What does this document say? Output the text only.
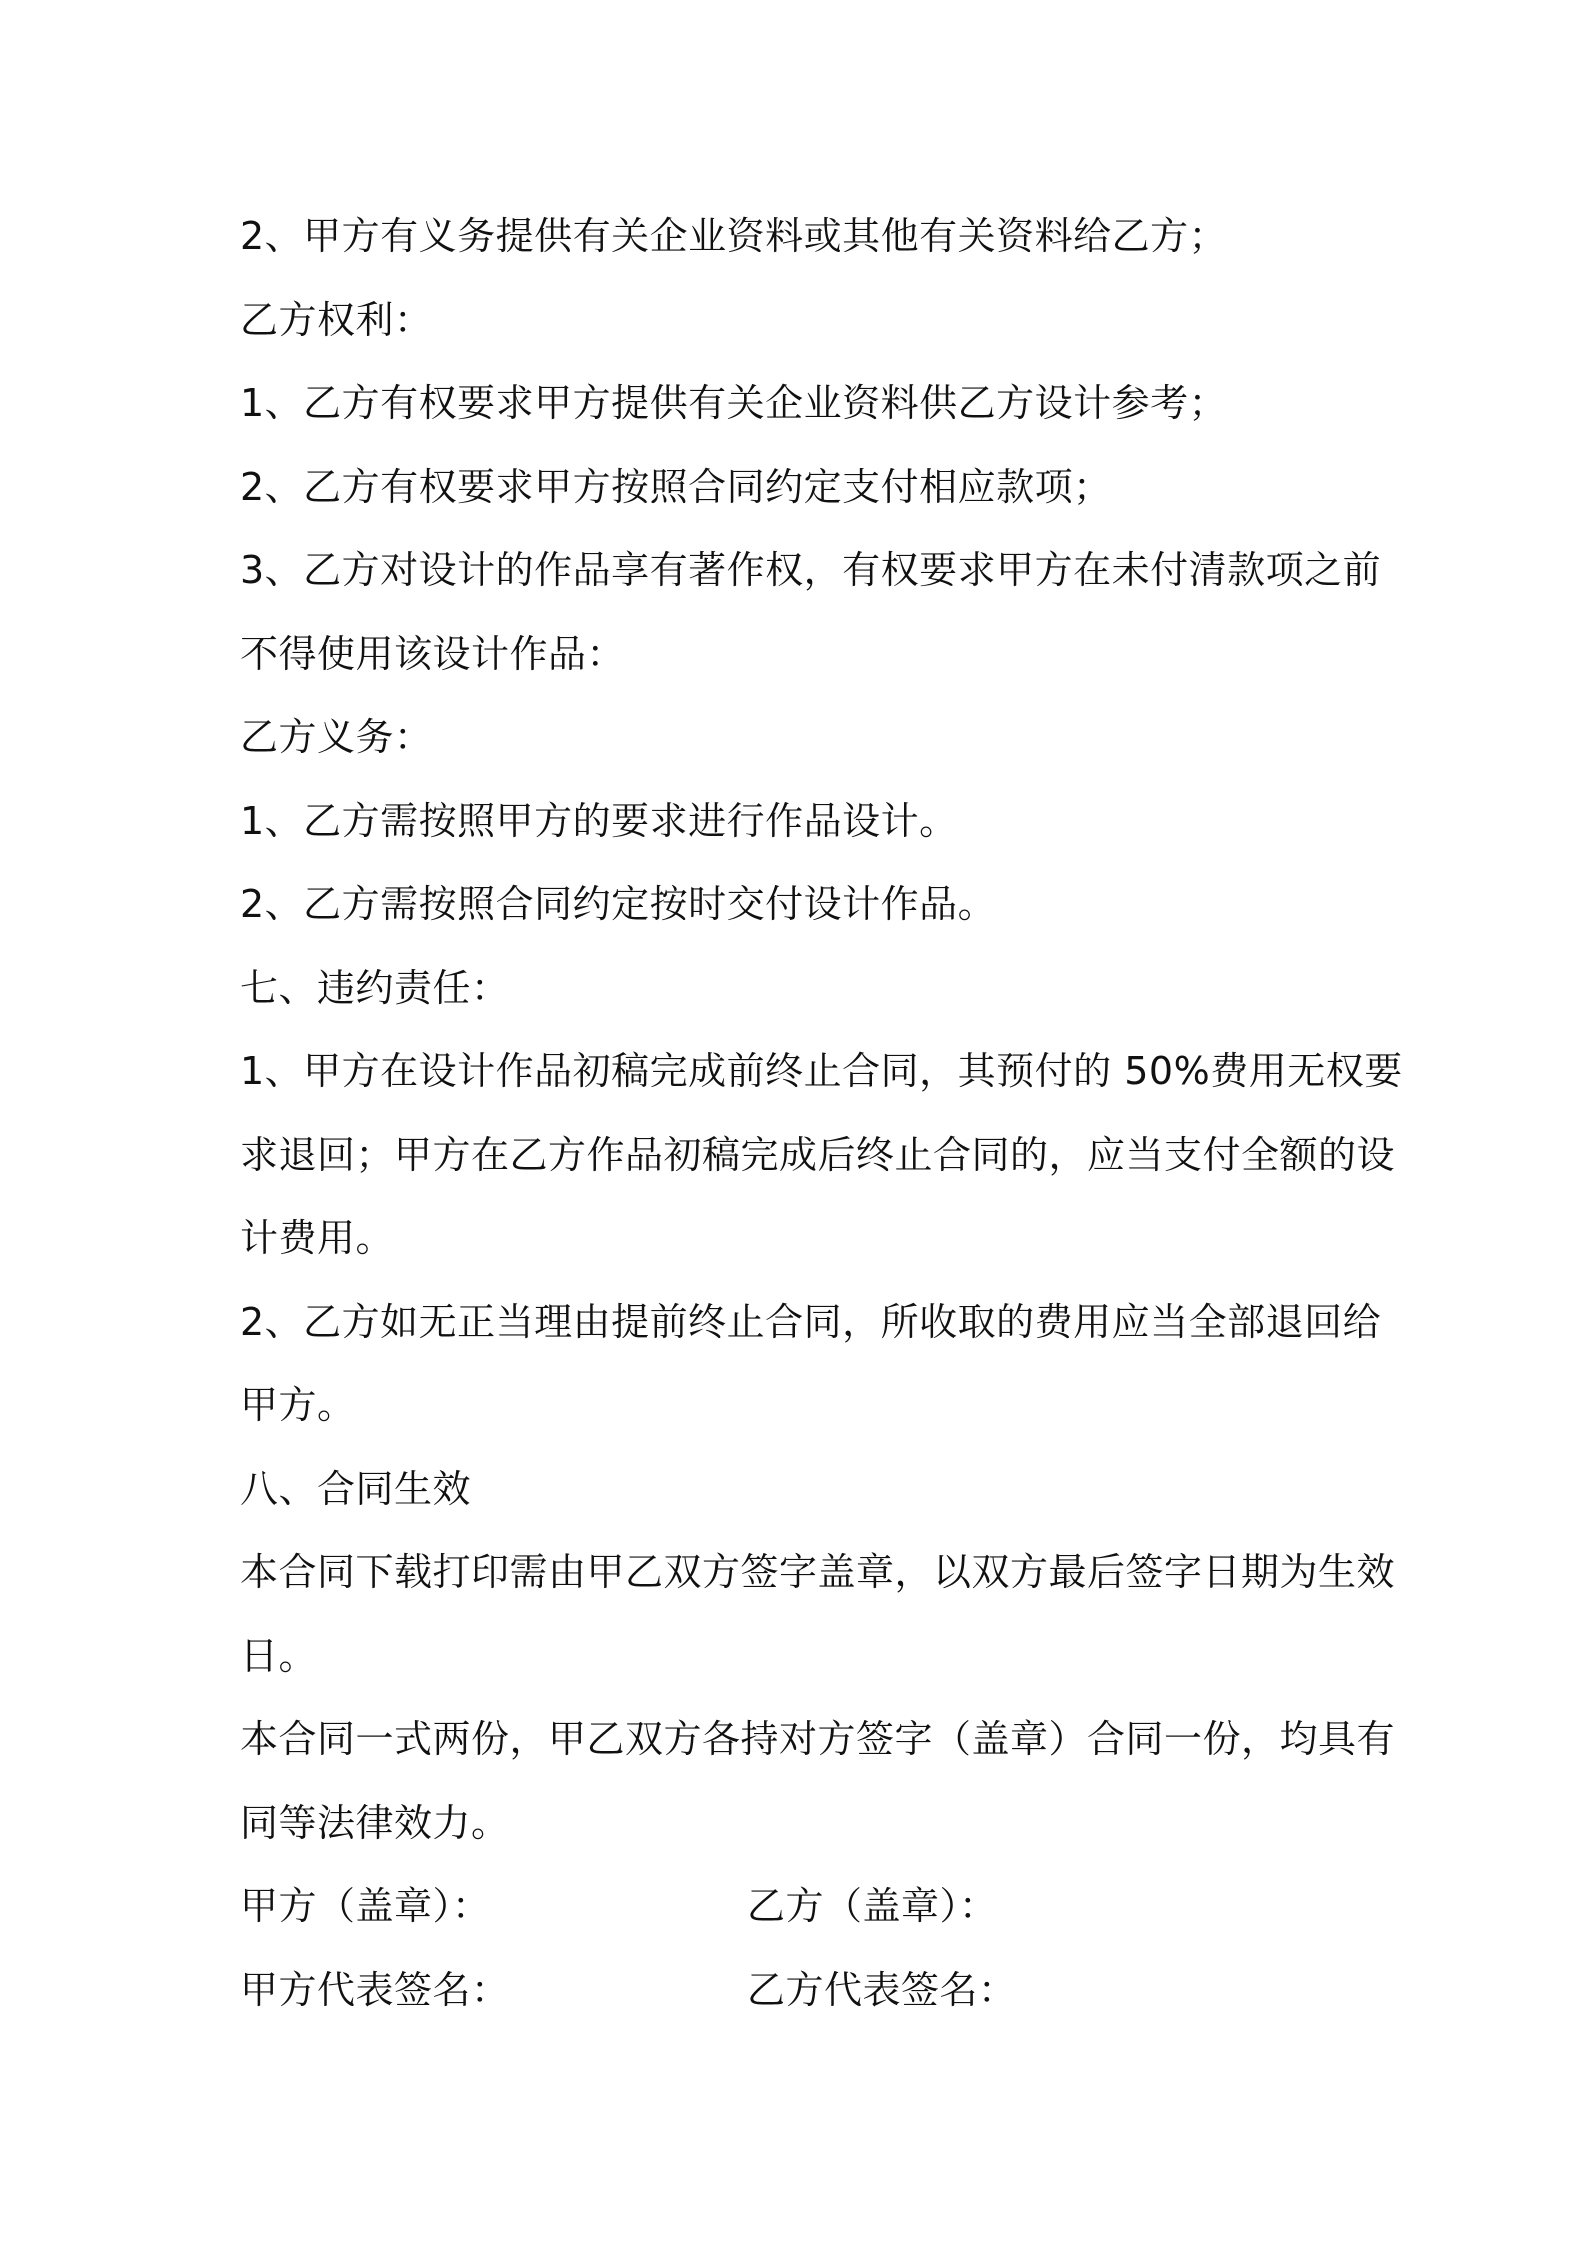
2、甲方有义务提供有关企业资料或其他有关资料给乙方；
乙方权利：
1、乙方有权要求甲方提供有关企业资料供乙方设计参考；
2、乙方有权要求甲方按照合同约定支付相应款项；
3、乙方对设计的作品享有著作权，有权要求甲方在未付清款项之前
不得使用该设计作品：
乙方义务：
1、乙方需按照甲方的要求进行作品设计。
2、乙方需按照合同约定按时交付设计作品。
七、违约责任：
1、甲方在设计作品初稿完成前终止合同，其预付的 50%费用无权要
求退回；甲方在乙方作品初稿完成后终止合同的，应当支付全额的设
计费用。
2、乙方如无正当理由提前终止合同，所收取的费用应当全部退回给
甲方。
八、合同生效
本合同下载打印需由甲乙双方签字盖章，以双方最后签字日期为生效
日。
本合同一式两份，甲乙双方各持对方签字（盖章）合同一份，均具有
同等法律效力。
甲方（盖章）：	乙方（盖章）：
甲方代表签名：	乙方代表签名：
